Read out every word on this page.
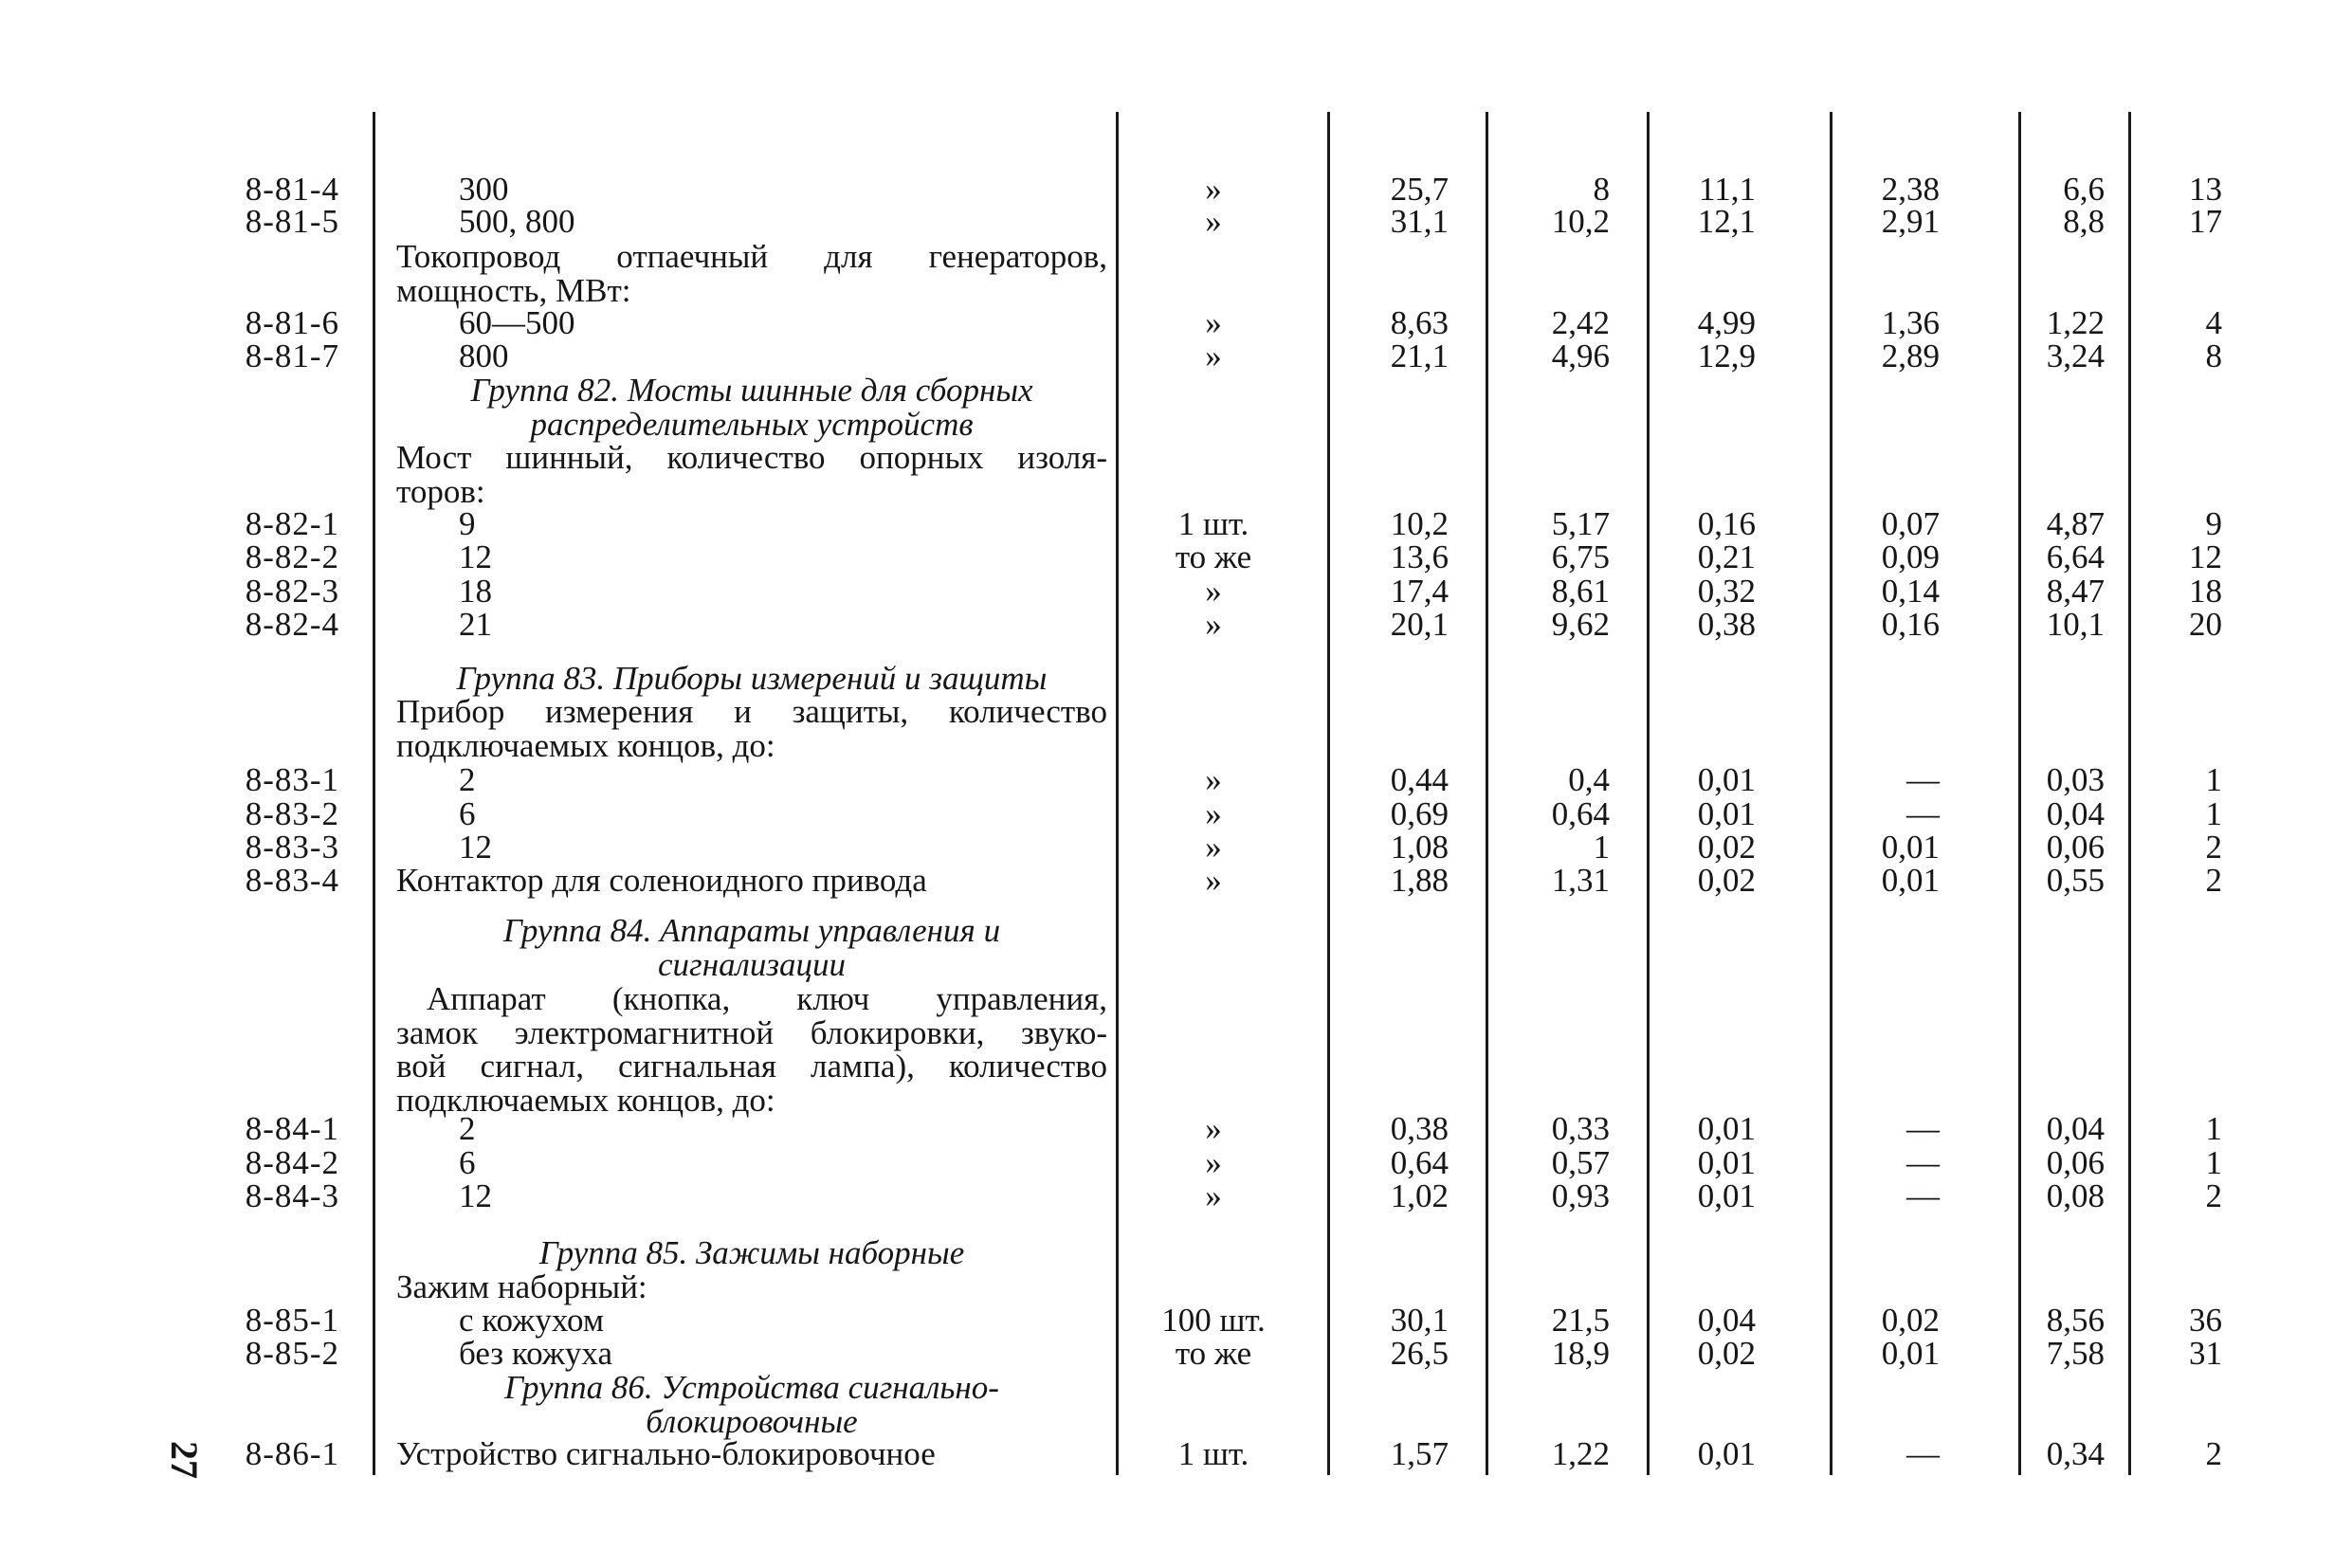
Токопровод отпаечный для генераторов,
мощность, МВт:
Группа 82. Мосты шинные для сборных
распределительных устройств
Мост шинный, количество опорных изоля-
торов:
Группа 83. Приборы измерений и защиты
Прибор измерения и защиты, количество
подключаемых концов, до:
Группа 84. Аппараты управления и
сигнализации
Аппарат (кнопка, ключ управления,
замок электромагнитной блокировки, звуко-
вой сигнал, сигнальная лампа), количество
подключаемых концов, до:
Группа 85. Зажимы наборные
Зажим наборный:
Группа 86. Устройства сигнально-
блокировочные
8-81-4	300	»	25,7	8	11,1	2,38	6,6	13
8-81-5	500, 800	»	31,1	10,2	12,1	2,91	8,8	17
8-81-6	60—500	»	8,63	2,42	4,99	1,36	1,22	4
8-81-7	800	»	21,1	4,96	12,9	2,89	3,24	8
8-82-1	9	1 шт.	10,2	5,17	0,16	0,07	4,87	9
8-82-2	12	то же	13,6	6,75	0,21	0,09	6,64	12
8-82-3	18	»	17,4	8,61	0,32	0,14	8,47	18
8-82-4	21	»	20,1	9,62	0,38	0,16	10,1	20
8-83-1	2	»	0,44	0,4	0,01	—	0,03	1
8-83-2	6	»	0,69	0,64	0,01	—	0,04	1
8-83-3	12	»	1,08	1	0,02	0,01	0,06	2
8-83-4 Контактор для соленоидного привода	»	1,88	1,31	0,02	0,01	0,55	2
8-84-1	2	»	0,38	0,33	0,01	—	0,04	1
8-84-2	6	»	0,64	0,57	0,01	—	0,06	1
8-84-3	12	»	1,02	0,93	0,01	—	0,08	2
8-85-1	с кожухом	100 шт.	30,1	21,5	0,04	0,02	8,56	36
8-85-2	без кожуха	то же	26,5	18,9	0,02	0,01	7,58	31
8-86-1 Устройство сигнально-блокировочное	1 шт.	1,57	1,22	0,01	—	0,34	2
27
